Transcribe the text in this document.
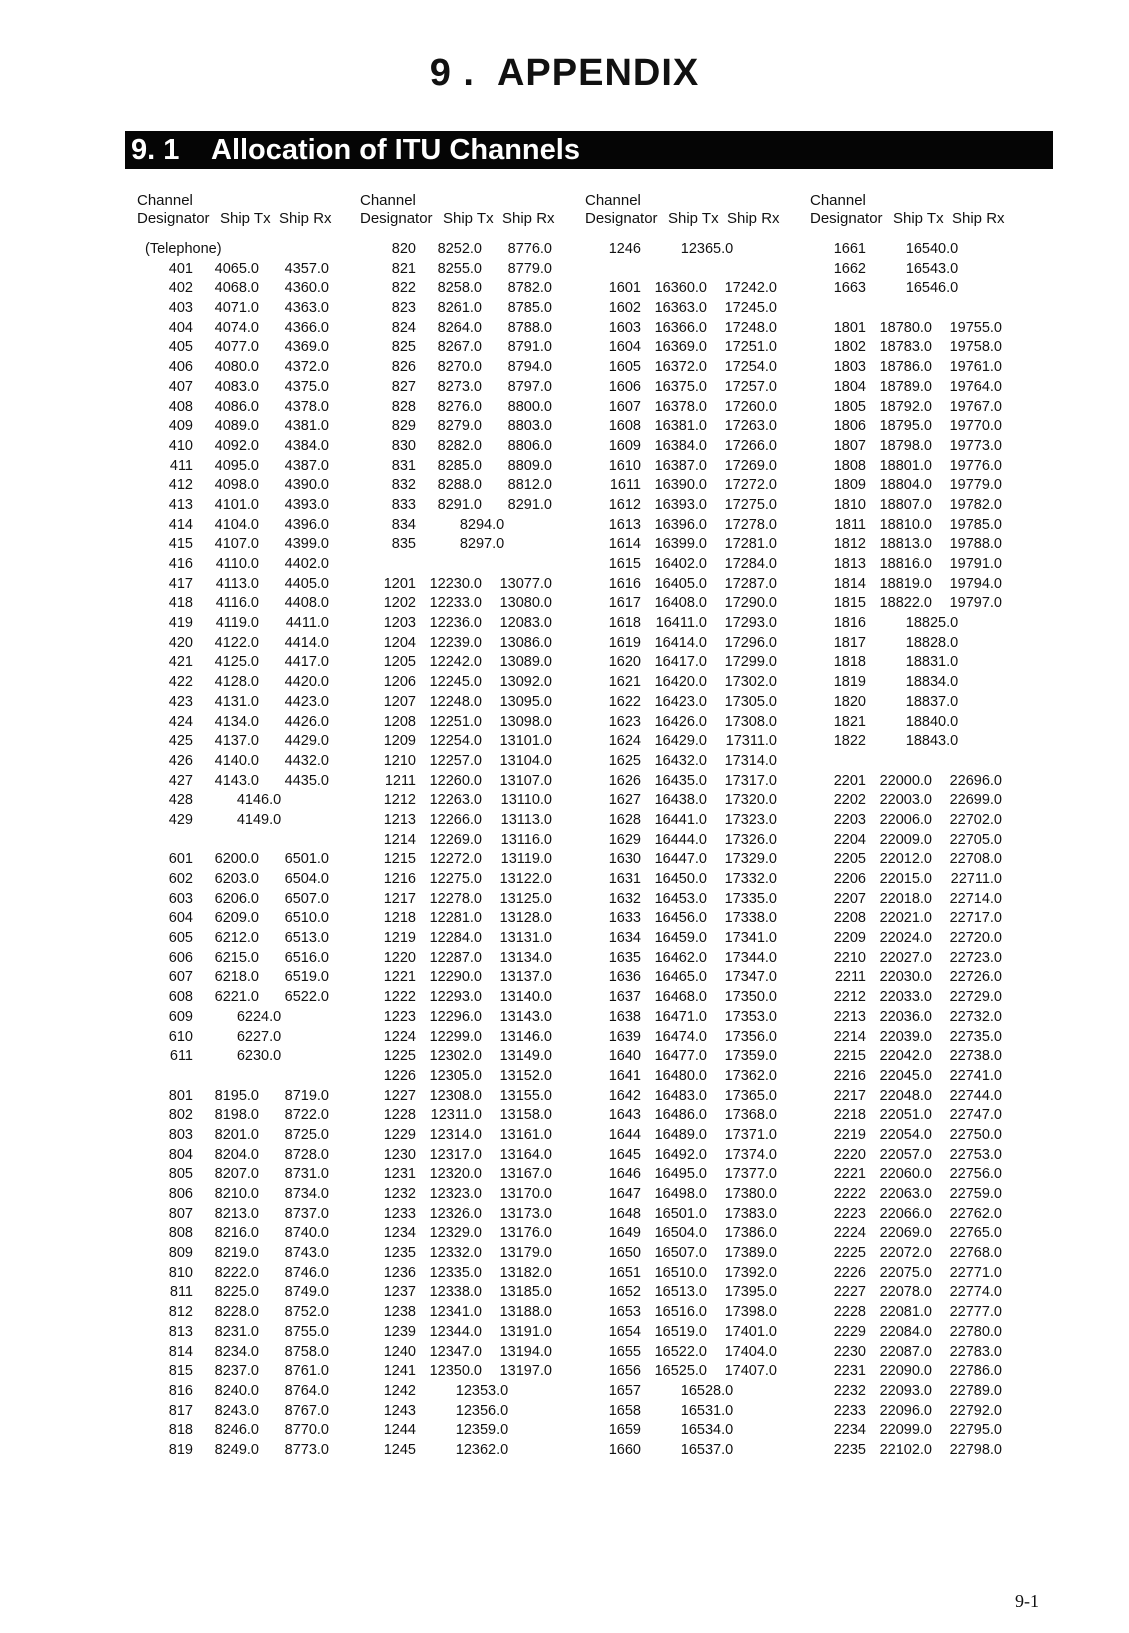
9 . APPENDIX
9. 1 Allocation of ITU Channels
Channel
Designator Ship Tx Ship Rx
(Telephone)
401	4065.0	4357.0
402	4068.0	4360.0
403	4071.0	4363.0
404	4074.0	4366.0
405	4077.0	4369.0
406	4080.0	4372.0
407	4083.0	4375.0
408	4086.0	4378.0
409	4089.0	4381.0
410	4092.0	4384.0
411	4095.0	4387.0
412	4098.0	4390.0
413	4101.0	4393.0
414	4104.0	4396.0
415	4107.0	4399.0
416	4110.0	4402.0
417	4113.0	4405.0
418	4116.0	4408.0
419	4119.0	4411.0
420	4122.0	4414.0
421	4125.0	4417.0
422	4128.0	4420.0
423	4131.0	4423.0
424	4134.0	4426.0
425	4137.0	4429.0
426	4140.0	4432.0
427	4143.0	4435.0
428	4146.0
429	4149.0
601	6200.0	6501.0
602	6203.0	6504.0
603	6206.0	6507.0
604	6209.0	6510.0
605	6212.0	6513.0
606	6215.0	6516.0
607	6218.0	6519.0
608	6221.0	6522.0
609	6224.0
610	6227.0
611	6230.0
801	8195.0	8719.0
802	8198.0	8722.0
803	8201.0	8725.0
804	8204.0	8728.0
805	8207.0	8731.0
806	8210.0	8734.0
807	8213.0	8737.0
808	8216.0	8740.0
809	8219.0	8743.0
810	8222.0	8746.0
811	8225.0	8749.0
812	8228.0	8752.0
813	8231.0	8755.0
814	8234.0	8758.0
815	8237.0	8761.0
816	8240.0	8764.0
817	8243.0	8767.0
818	8246.0	8770.0
819	8249.0	8773.0
Channel
Designator Ship Tx Ship Rx
820	8252.0	8776.0
821	8255.0	8779.0
822	8258.0	8782.0
823	8261.0	8785.0
824	8264.0	8788.0
825	8267.0	8791.0
826	8270.0	8794.0
827	8273.0	8797.0
828	8276.0	8800.0
829	8279.0	8803.0
830	8282.0	8806.0
831	8285.0	8809.0
832	8288.0	8812.0
833	8291.0	8291.0
834	8294.0
835	8297.0
1201 12230.0	13077.0
1202 12233.0	13080.0
1203 12236.0	12083.0
1204 12239.0	13086.0
1205 12242.0	13089.0
1206 12245.0	13092.0
1207 12248.0	13095.0
1208 12251.0	13098.0
1209 12254.0	13101.0
1210 12257.0	13104.0
1211 12260.0	13107.0
1212 12263.0	13110.0
1213 12266.0	13113.0
1214 12269.0	13116.0
1215 12272.0	13119.0
1216 12275.0	13122.0
1217 12278.0	13125.0
1218 12281.0	13128.0
1219 12284.0	13131.0
1220 12287.0	13134.0
1221 12290.0	13137.0
1222 12293.0	13140.0
1223 12296.0	13143.0
1224 12299.0	13146.0
1225 12302.0	13149.0
1226 12305.0	13152.0
1227 12308.0	13155.0
1228	12311.0	13158.0
1229 12314.0	13161.0
1230 12317.0	13164.0
1231 12320.0	13167.0
1232 12323.0	13170.0
1233 12326.0	13173.0
1234 12329.0	13176.0
1235 12332.0	13179.0
1236 12335.0	13182.0
1237 12338.0	13185.0
1238 12341.0	13188.0
1239 12344.0	13191.0
1240 12347.0	13194.0
1241 12350.0	13197.0
1242	12353.0
1243	12356.0
1244	12359.0
1245	12362.0
Channel
Designator Ship Tx Ship Rx
1246	12365.0
1601 16360.0	17242.0
1602 16363.0	17245.0
1603 16366.0	17248.0
1604 16369.0	17251.0
1605 16372.0	17254.0
1606 16375.0	17257.0
1607 16378.0	17260.0
1608 16381.0	17263.0
1609 16384.0	17266.0
1610 16387.0	17269.0
1611 16390.0	17272.0
1612 16393.0	17275.0
1613 16396.0	17278.0
1614 16399.0	17281.0
1615 16402.0	17284.0
1616 16405.0	17287.0
1617 16408.0	17290.0
1618	16411.0	17293.0
1619 16414.0	17296.0
1620 16417.0	17299.0
1621 16420.0	17302.0
1622 16423.0	17305.0
1623 16426.0	17308.0
1624 16429.0	17311.0
1625 16432.0	17314.0
1626 16435.0	17317.0
1627 16438.0	17320.0
1628 16441.0	17323.0
1629 16444.0	17326.0
1630 16447.0	17329.0
1631 16450.0	17332.0
1632 16453.0	17335.0
1633 16456.0	17338.0
1634 16459.0	17341.0
1635 16462.0	17344.0
1636 16465.0	17347.0
1637 16468.0	17350.0
1638 16471.0	17353.0
1639 16474.0	17356.0
1640 16477.0	17359.0
1641 16480.0	17362.0
1642 16483.0	17365.0
1643 16486.0	17368.0
1644 16489.0	17371.0
1645 16492.0	17374.0
1646 16495.0	17377.0
1647 16498.0	17380.0
1648 16501.0	17383.0
1649 16504.0	17386.0
1650 16507.0	17389.0
1651 16510.0	17392.0
1652 16513.0	17395.0
1653 16516.0	17398.0
1654 16519.0	17401.0
1655 16522.0	17404.0
1656 16525.0	17407.0
1657	16528.0
1658	16531.0
1659	16534.0
1660	16537.0
Channel
Designator Ship Tx Ship Rx
1661	16540.0
1662	16543.0
1663	16546.0
1801 18780.0	19755.0
1802 18783.0	19758.0
1803 18786.0	19761.0
1804 18789.0	19764.0
1805 18792.0	19767.0
1806 18795.0	19770.0
1807 18798.0	19773.0
1808 18801.0	19776.0
1809 18804.0	19779.0
1810 18807.0	19782.0
1811 18810.0	19785.0
1812 18813.0	19788.0
1813 18816.0	19791.0
1814 18819.0	19794.0
1815 18822.0	19797.0
1816	18825.0
1817	18828.0
1818	18831.0
1819	18834.0
1820	18837.0
1821	18840.0
1822	18843.0
2201 22000.0	22696.0
2202 22003.0	22699.0
2203 22006.0	22702.0
2204 22009.0	22705.0
2205 22012.0	22708.0
2206 22015.0	22711.0
2207 22018.0	22714.0
2208 22021.0	22717.0
2209 22024.0	22720.0
2210 22027.0	22723.0
2211 22030.0	22726.0
2212 22033.0	22729.0
2213 22036.0	22732.0
2214 22039.0	22735.0
2215 22042.0	22738.0
2216 22045.0	22741.0
2217 22048.0	22744.0
2218 22051.0	22747.0
2219 22054.0	22750.0
2220 22057.0	22753.0
2221 22060.0	22756.0
2222 22063.0	22759.0
2223 22066.0	22762.0
2224 22069.0	22765.0
2225 22072.0	22768.0
2226 22075.0	22771.0
2227 22078.0	22774.0
2228 22081.0	22777.0
2229 22084.0	22780.0
2230 22087.0	22783.0
2231 22090.0	22786.0
2232 22093.0	22789.0
2233 22096.0	22792.0
2234 22099.0	22795.0
2235 22102.0	22798.0
9-1
